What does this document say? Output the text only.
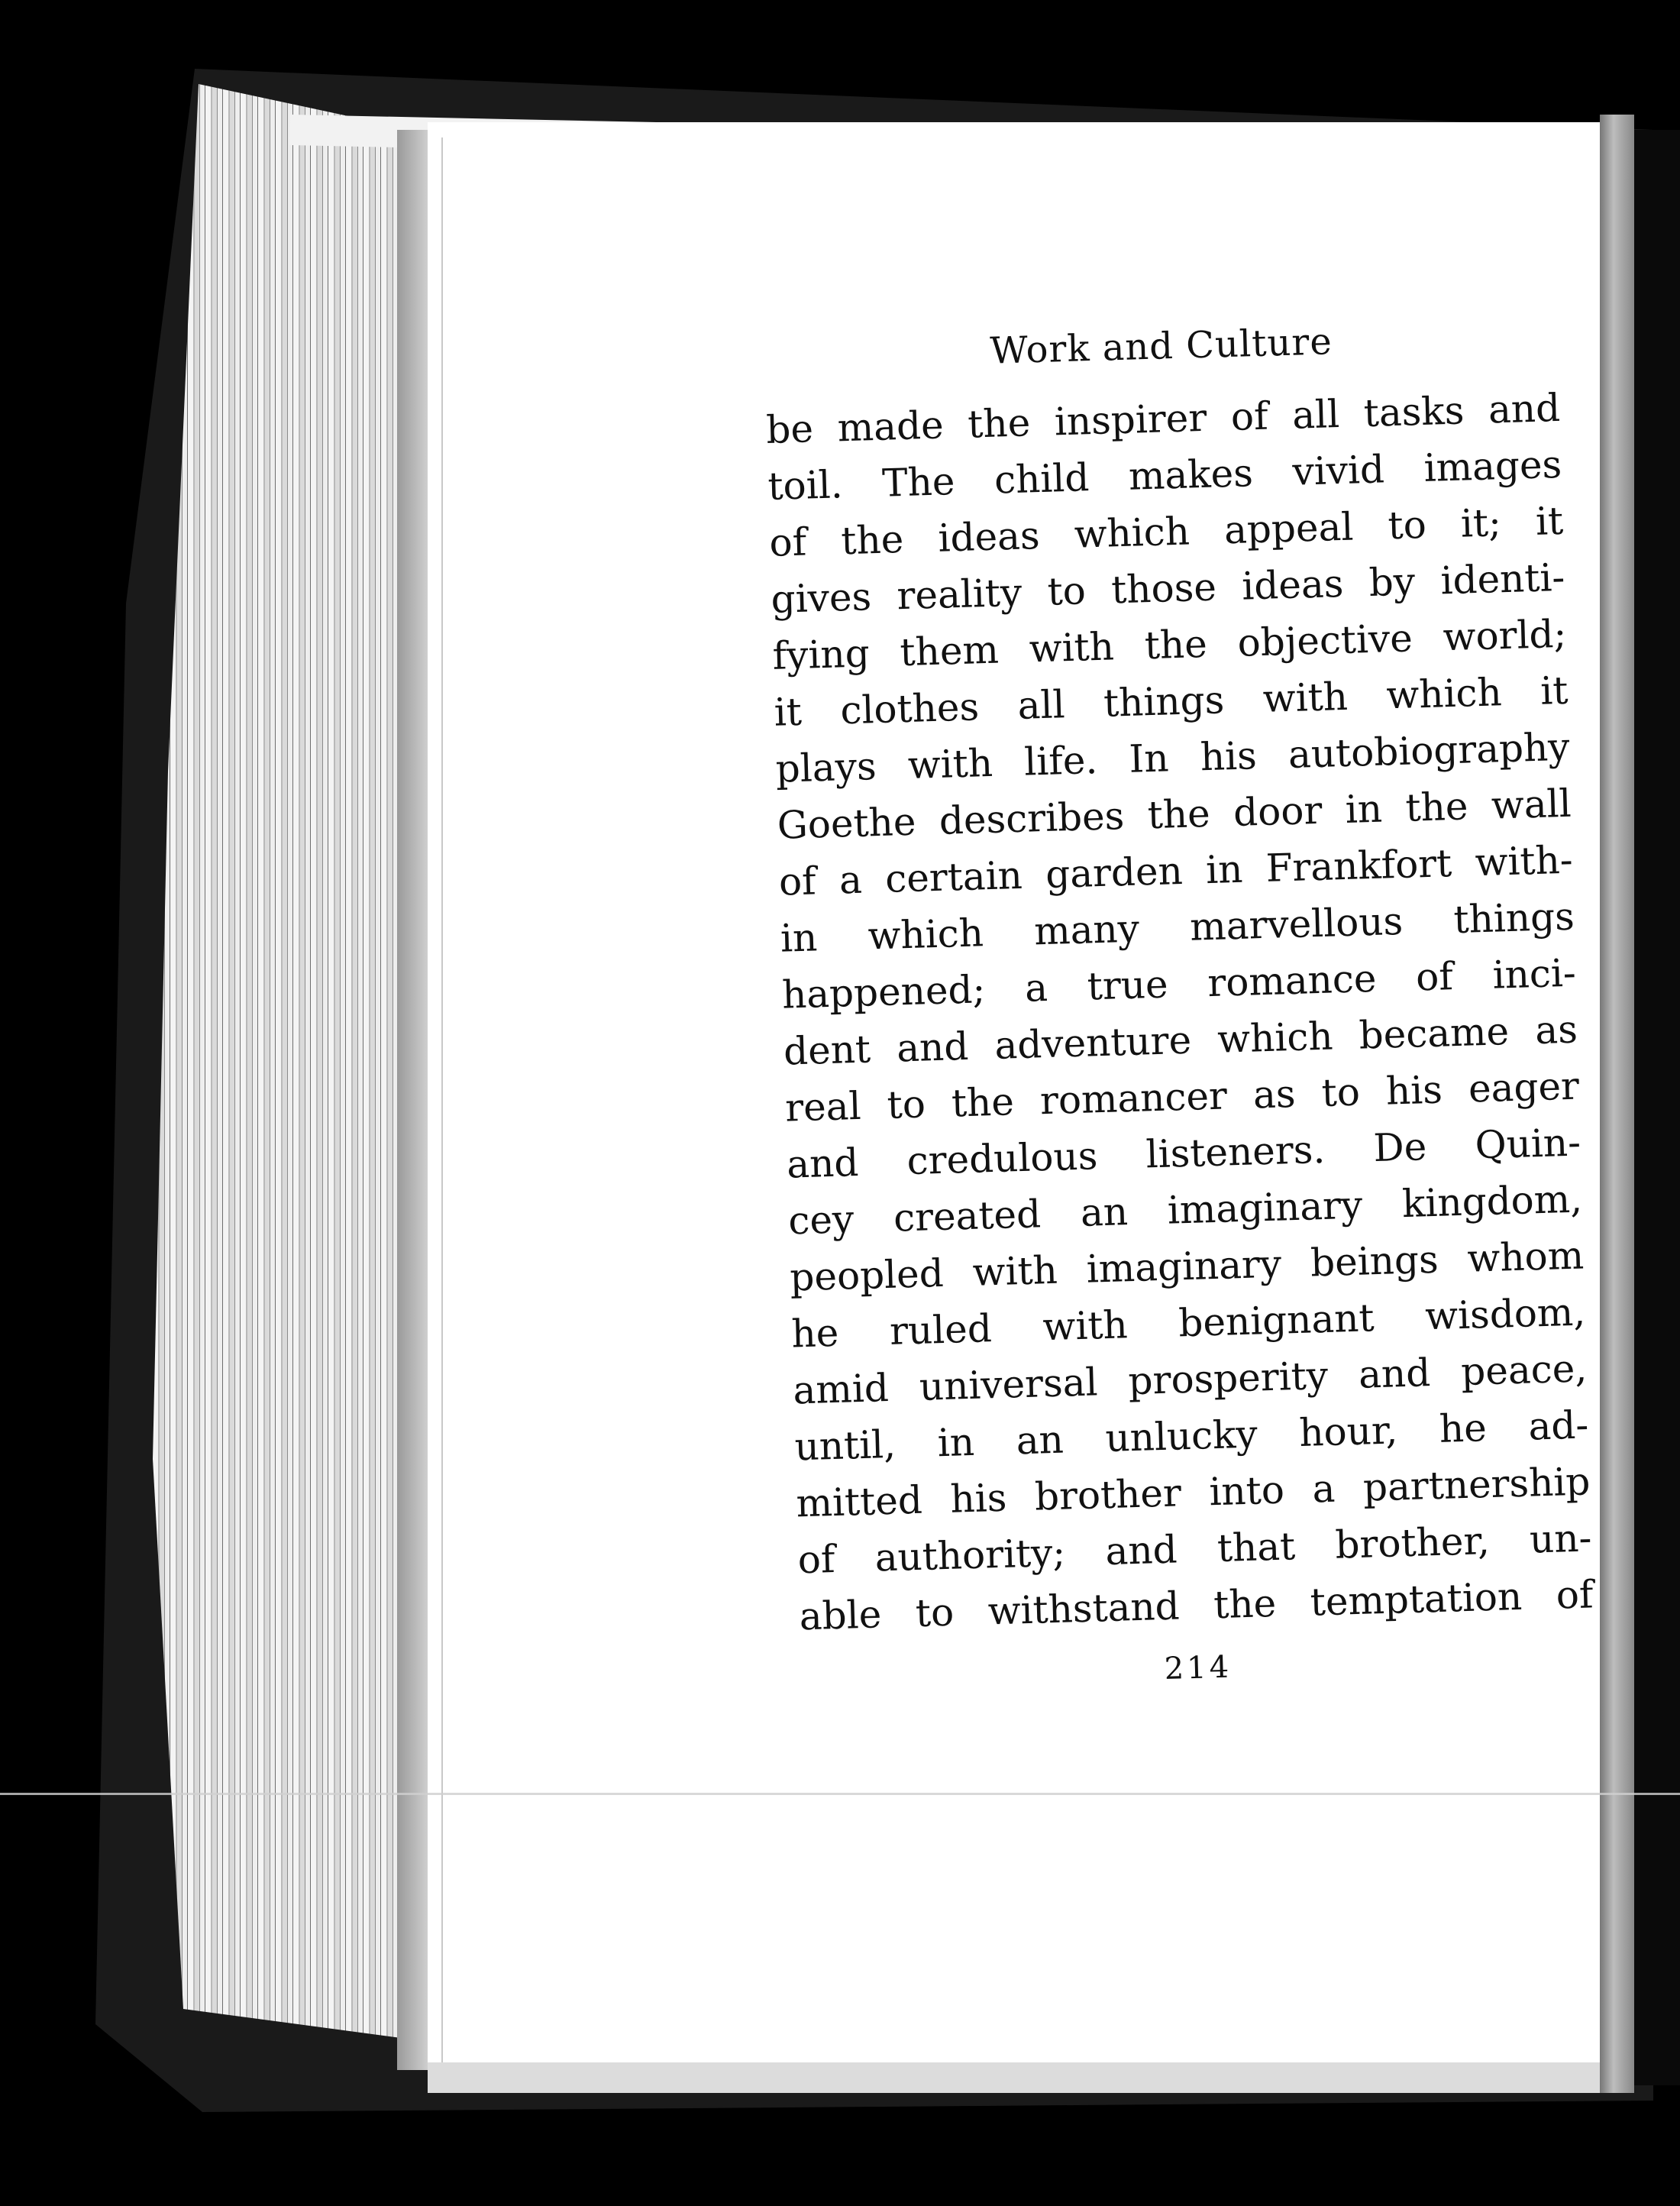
Work and Culture
be made the inspirer of all tasks and
toil. The child makes vivid images
of the ideas which appeal to it; it
gives reality to those ideas by identi-
fying them with the objective world;
it clothes all things with which it
plays with life. In his autobiography
Goethe describes the door in the wall
of a certain garden in Frankfort with-
in which many marvellous things
happened; a true romance of inci-
dent and adventure which became as
real to the romancer as to his eager
and credulous listeners. De Quin-
cey created an imaginary kingdom,
peopled with imaginary beings whom
he ruled with benignant wisdom,
amid universal prosperity and peace,
until, in an unlucky hour, he ad-
mitted his brother into a partnership
of authority; and that brother, un-
able to withstand the temptation of
214
